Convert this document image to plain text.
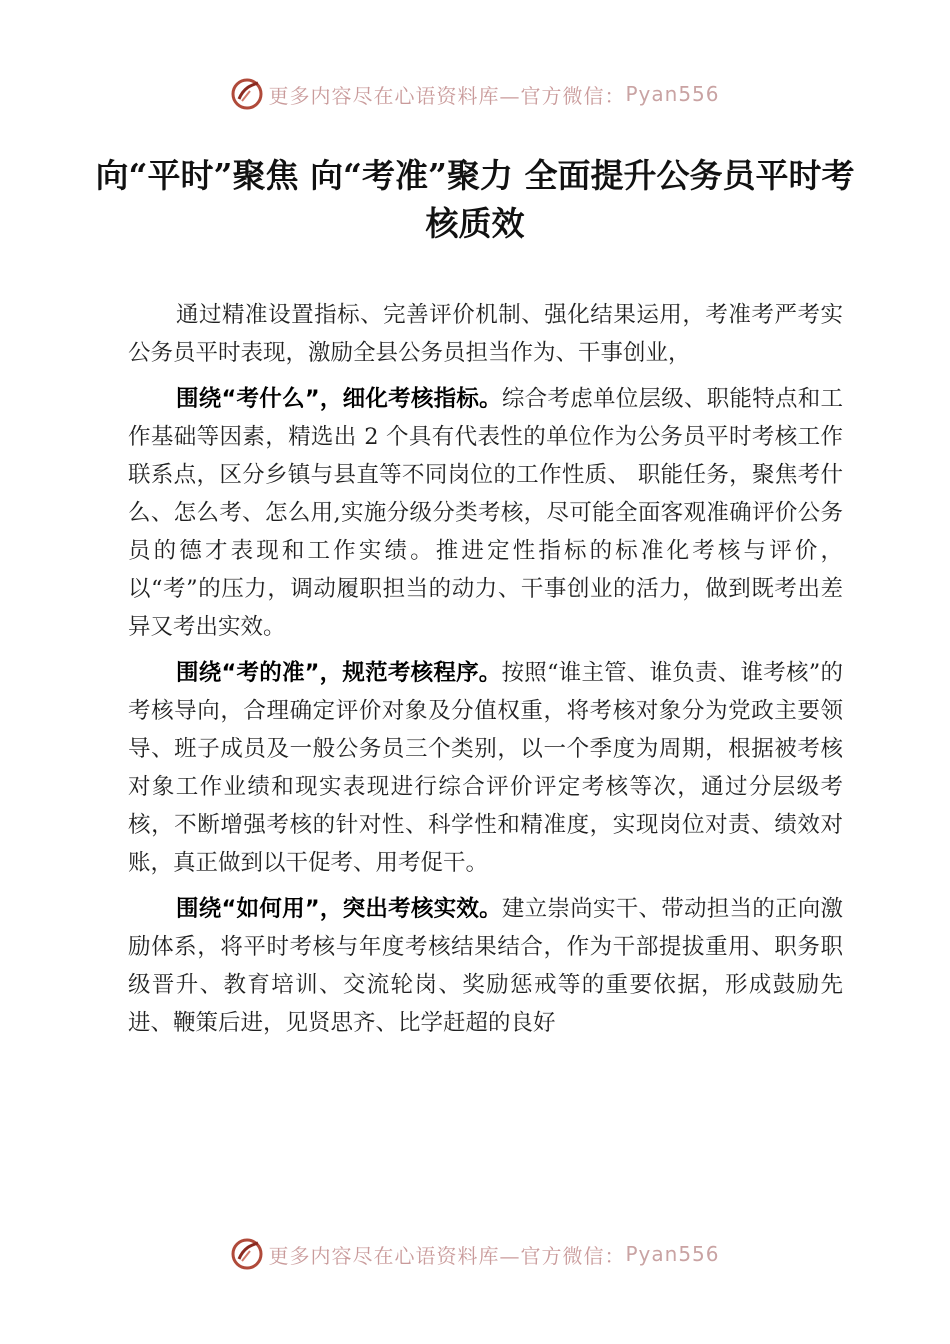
更多内容尽在心语资料库—官方微信： Pyan556
向“平时”聚焦 向“考准”聚力 全面提升公务员平时考核质效

通过精准设置指标、完善评价机制、强化结果运用，考准考严考实公务员平时表现，激励全县公务员担当作为、干事创业，

围绕“考什么”，细化考核指标。综合考虑单位层级、职能特点和工作基础等因素，精选出 2 个具有代表性的单位作为公务员平时考核工作联系点，区分乡镇与县直等不同岗位的工作性质、 职能任务，聚焦考什么、怎么考、怎么用,实施分级分类考核，尽可能全面客观准确评价公务员的德才表现和工作实绩。推进定性指标的标准化考核与评价，以“考”的压力，调动履职担当的动力、干事创业的活力，做到既考出差异又考出实效。

围绕“考的准”，规范考核程序。按照“谁主管、谁负责、谁考核”的考核导向，合理确定评价对象及分值权重，将考核对象分为党政主要领导、班子成员及一般公务员三个类别，以一个季度为周期，根据被考核对象工作业绩和现实表现进行综合评价评定考核等次，通过分层级考核，不断增强考核的针对性、科学性和精准度，实现岗位对责、绩效对账，真正做到以干促考、用考促干。

围绕“如何用”，突出考核实效。建立崇尚实干、带动担当的正向激励体系，将平时考核与年度考核结果结合，作为干部提拔重用、职务职级晋升、教育培训、交流轮岗、奖励惩戒等的重要依据，形成鼓励先进、鞭策后进，见贤思齐、比学赶超的良好

更多内容尽在心语资料库—官方微信： Pyan556
